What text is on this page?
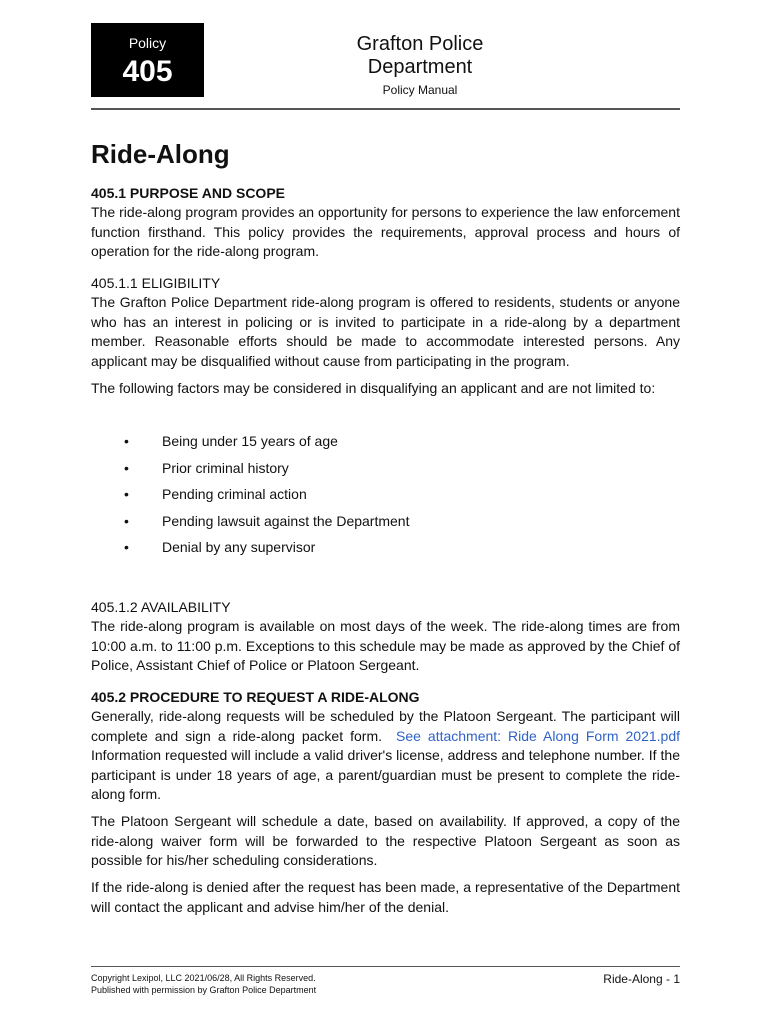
Policy
405
Grafton Police Department
Policy Manual
Ride-Along

405.1 PURPOSE AND SCOPE

The ride-along program provides an opportunity for persons to experience the law enforcement function firsthand. This policy provides the requirements, approval process and hours of operation for the ride-along program.

405.1.1 ELIGIBILITY

The Grafton Police Department ride-along program is offered to residents, students or anyone who has an interest in policing or is invited to participate in a ride-along by a department member. Reasonable efforts should be made to accommodate interested persons. Any applicant may be disqualified without cause from participating in the program.

The following factors may be considered in disqualifying an applicant and are not limited to:

• Being under 15 years of age
• Prior criminal history
• Pending criminal action
• Pending lawsuit against the Department
• Denial by any supervisor

405.1.2 AVAILABILITY

The ride-along program is available on most days of the week. The ride-along times are from 10:00 a.m. to 11:00 p.m. Exceptions to this schedule may be made as approved by the Chief of Police, Assistant Chief of Police or Platoon Sergeant.

405.2 PROCEDURE TO REQUEST A RIDE-ALONG

Generally, ride-along requests will be scheduled by the Platoon Sergeant. The participant will complete and sign a ride-along packet form. See attachment: Ride Along Form 2021.pdf Information requested will include a valid driver's license, address and telephone number. If the participant is under 18 years of age, a parent/guardian must be present to complete the ride-along form.

The Platoon Sergeant will schedule a date, based on availability. If approved, a copy of the ride-along waiver form will be forwarded to the respective Platoon Sergeant as soon as possible for his/her scheduling considerations.

If the ride-along is denied after the request has been made, a representative of the Department will contact the applicant and advise him/her of the denial.

Copyright Lexipol, LLC 2021/06/28, All Rights Reserved.
Published with permission by Grafton Police Department
Ride-Along - 1
